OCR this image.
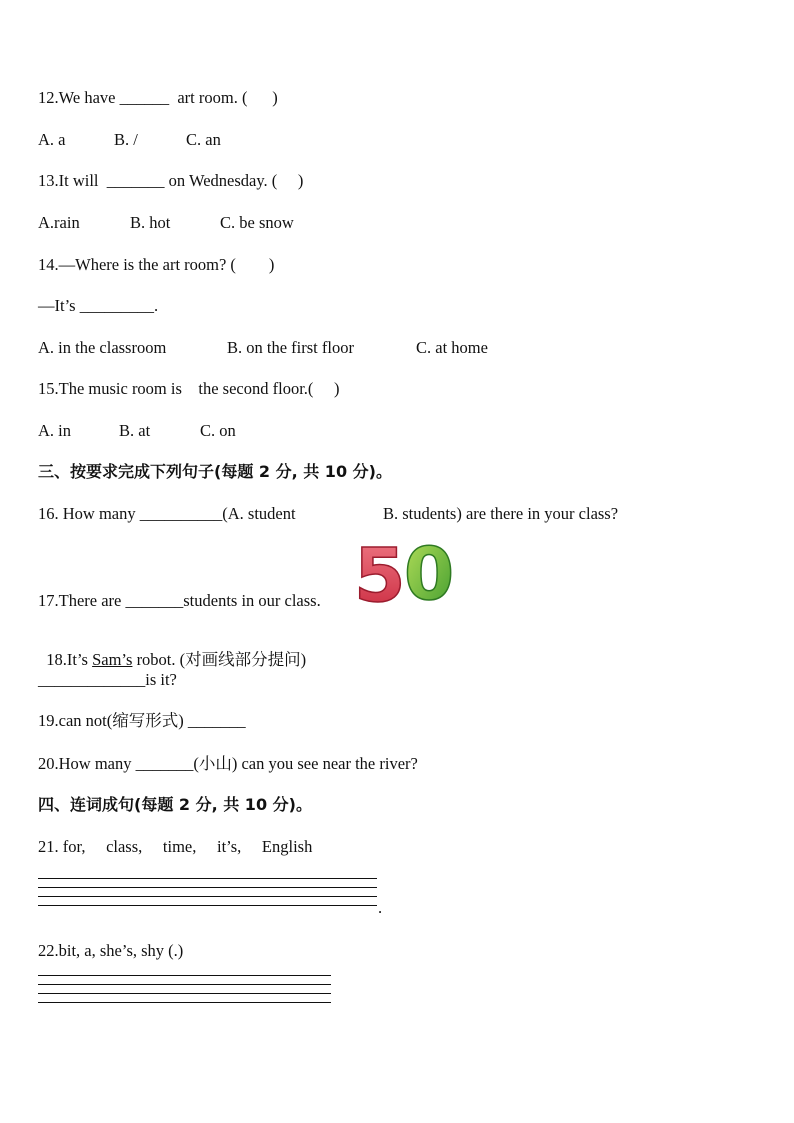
12.We have ______  art room. (      )

A. a

	B. /

	C. an

13.It will  _______ on Wednesday. (     )

A.rain

	B. hot

	C. be snow

14.—Where is the art room? (        )
—It’s _________.

A. in the classroom

	B. on the first floor

	C. at home

15.The music room is    the second floor.(     )

A. in

	B. at

	C. on

三、按要求完成下列句子(每题 2 分, 共 10 分)。

16. How many __________(A. student

	B. students) are there in your class?

17.There are _______students in our class. 5
0

18.It’s Sam’s robot. (对画线部分提问)

_____________is it?
19.can not(缩写形式) _______
20.How many _______(小山) can you see near the river?
四、连词成句(每题 2 分, 共 10 分)。
21. for,     class,     time,     it’s,     English
.
22.bit, a, she’s, shy (.)
